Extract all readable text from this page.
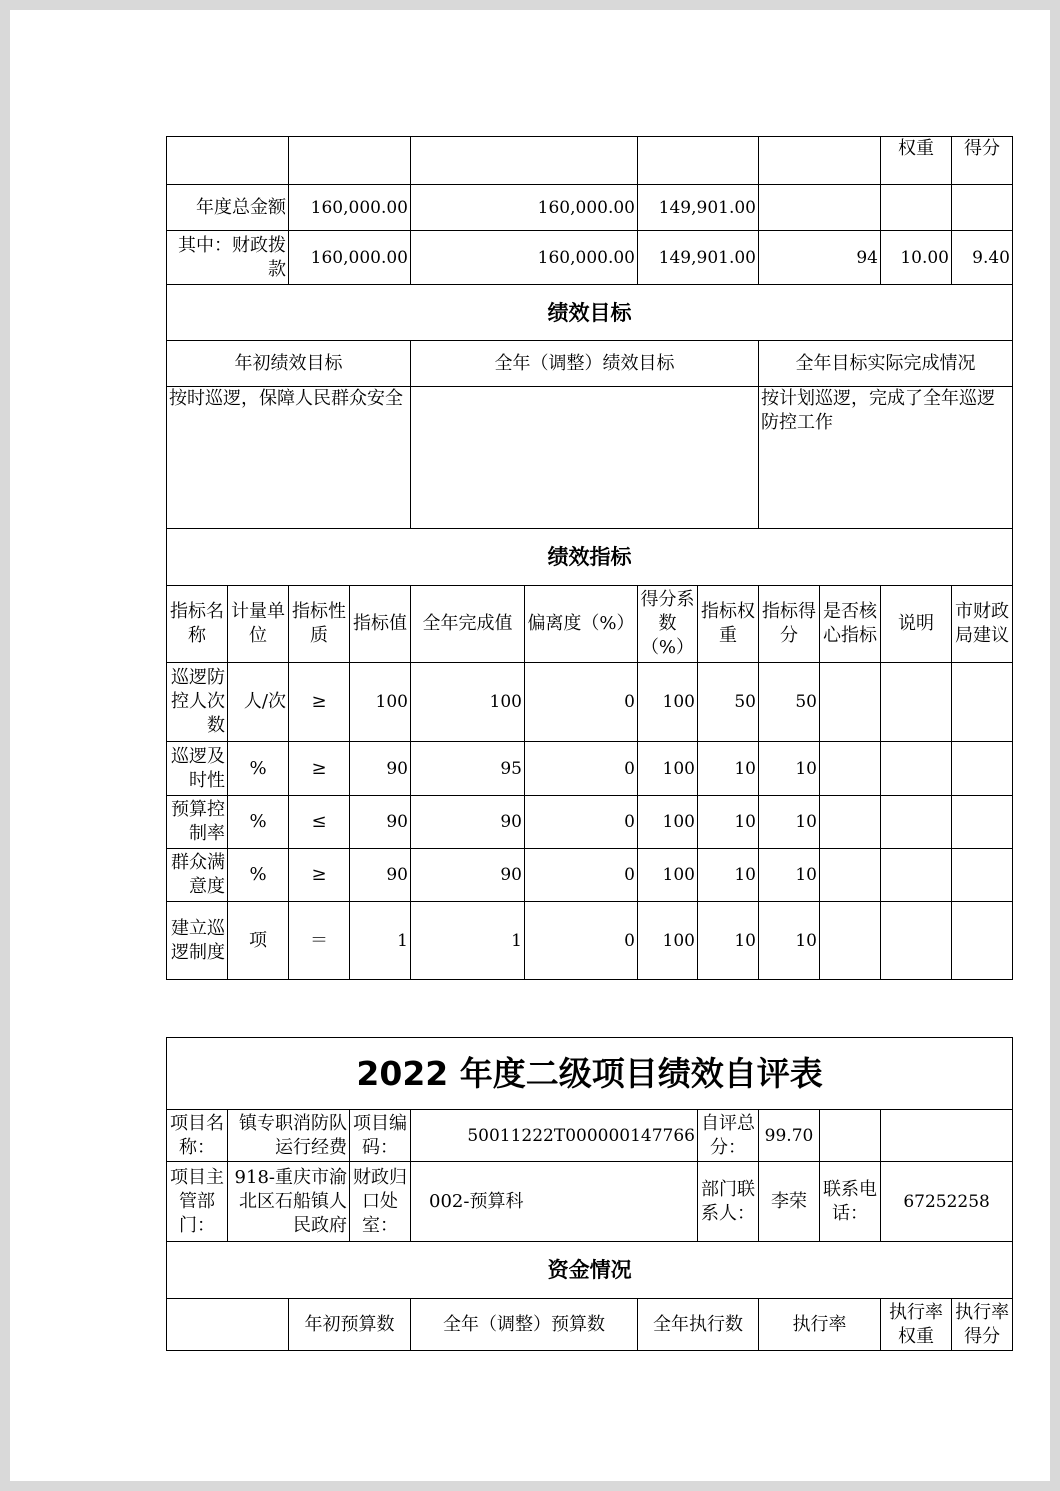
										权重	得分
年度总金额		160,000.00		160,000.00		149,901.00					
其中：财政拨款		160,000.00		160,000.00		149,901.00		94		10.00	9.40
绩效目标											
年初绩效目标				全年（调整）绩效目标				全年目标实际完成情况			
按时巡逻，保障人民群众安全								按计划巡逻，完成了全年巡逻防控工作			
绩效指标											
指标名称	计量单位	指标性质	指标值	全年完成值	偏离度（%）	得分系数（%）	指标权重	指标得分	是否核心指标	说明	市财政局建议
巡逻防控人次数	人/次	≥	100	100	0	100	50	50			
巡逻及时性	%	≥	90	95	0	100	10	10			
预算控制率	%	≤	90	90	0	100	10	10			
群众满意度	%	≥	90	90	0	100	10	10			
建立巡逻制度	项	＝	1	1	0	100	10	10			
2022 年度二级项目绩效自评表										
项目名称：	镇专职消防队运行经费		项目编码：	50011222T000000147766		自评总分：	99.70			
项目主管部门：	918-重庆市渝北区石船镇人民政府		财政归口处室：	002-预算科		部门联系人：	李荣	联系电话：	67252258	
资金情况										
		年初预算数		全年（调整）预算数	全年执行数		执行率		执行率权重	执行率得分
